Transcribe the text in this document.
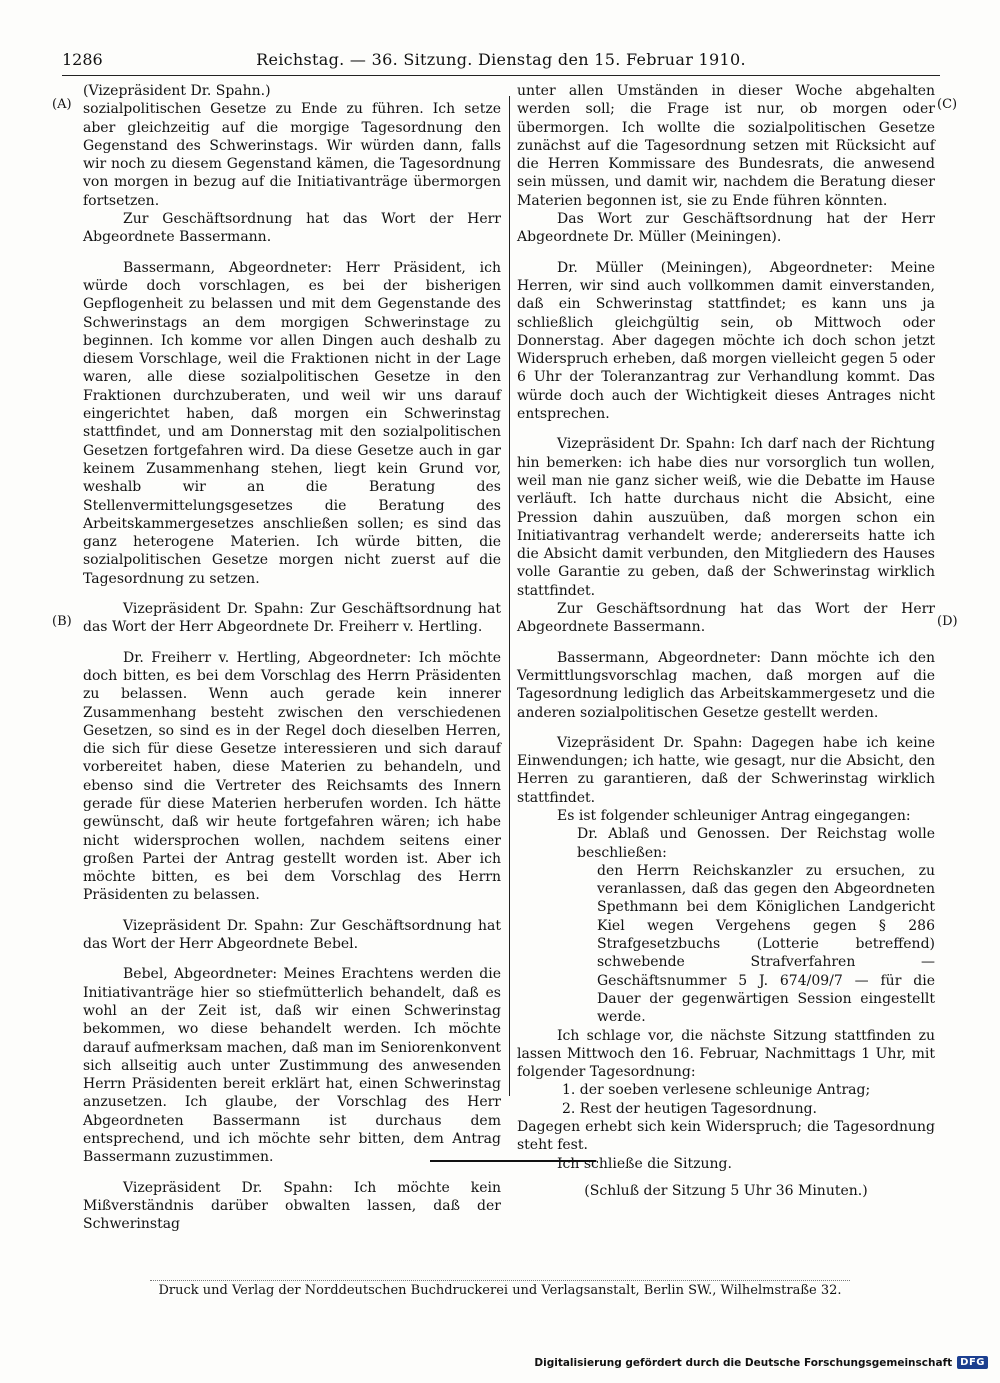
1286	Reichstag. — 36. Sitzung. Dienstag den 15. Februar 1910.
(A)
(B)
(C)
(D)

(Vizepräsident Dr. Spahn.)

sozialpolitischen Gesetze zu Ende zu führen. Ich setze aber gleichzeitig auf die morgige Tagesordnung den Gegenstand des Schwerinstags. Wir würden dann, falls wir noch zu diesem Gegenstand kämen, die Tagesordnung von morgen in bezug auf die Initiativanträge übermorgen fortsetzen.

Zur Geschäftsordnung hat das Wort der Herr Abgeordnete Bassermann.

Bassermann, Abgeordneter: Herr Präsident, ich würde doch vorschlagen, es bei der bisherigen Gepflogenheit zu belassen und mit dem Gegenstande des Schwerinstags an dem morgigen Schwerinstage zu beginnen. Ich komme vor allen Dingen auch deshalb zu diesem Vorschlage, weil die Fraktionen nicht in der Lage waren, alle diese sozialpolitischen Gesetze in den Fraktionen durchzuberaten, und weil wir uns darauf eingerichtet haben, daß morgen ein Schwerinstag stattfindet, und am Donnerstag mit den sozialpolitischen Gesetzen fortgefahren wird. Da diese Gesetze auch in gar keinem Zusammenhang stehen, liegt kein Grund vor, weshalb wir an die Beratung des Stellenvermittelungsgesetzes die Beratung des Arbeitskammergesetzes anschließen sollen; es sind das ganz heterogene Materien. Ich würde bitten, die sozialpolitischen Gesetze morgen nicht zuerst auf die Tagesordnung zu setzen.

Vizepräsident Dr. Spahn: Zur Geschäftsordnung hat das Wort der Herr Abgeordnete Dr. Freiherr v. Hertling.

Dr. Freiherr v. Hertling, Abgeordneter: Ich möchte doch bitten, es bei dem Vorschlag des Herrn Präsidenten zu belassen. Wenn auch gerade kein innerer Zusammenhang besteht zwischen den verschiedenen Gesetzen, so sind es in der Regel doch dieselben Herren, die sich für diese Gesetze interessieren und sich darauf vorbereitet haben, diese Materien zu behandeln, und ebenso sind die Vertreter des Reichsamts des Innern gerade für diese Materien herberufen worden. Ich hätte gewünscht, daß wir heute fortgefahren wären; ich habe nicht widersprochen wollen, nachdem seitens einer großen Partei der Antrag gestellt worden ist. Aber ich möchte bitten, es bei dem Vorschlag des Herrn Präsidenten zu belassen.

Vizepräsident Dr. Spahn: Zur Geschäftsordnung hat das Wort der Herr Abgeordnete Bebel.

Bebel, Abgeordneter: Meines Erachtens werden die Initiativanträge hier so stiefmütterlich behandelt, daß es wohl an der Zeit ist, daß wir einen Schwerinstag bekommen, wo diese behandelt werden. Ich möchte darauf aufmerksam machen, daß man im Seniorenkonvent sich allseitig auch unter Zustimmung des anwesenden Herrn Präsidenten bereit erklärt hat, einen Schwerinstag anzusetzen. Ich glaube, der Vorschlag des Herr Abgeordneten Bassermann ist durchaus dem entsprechend, und ich möchte sehr bitten, dem Antrag Bassermann zuzustimmen.

Vizepräsident Dr. Spahn: Ich möchte kein Mißverständnis darüber obwalten lassen, daß der Schwerinstag

unter allen Umständen in dieser Woche abgehalten werden soll; die Frage ist nur, ob morgen oder übermorgen. Ich wollte die sozialpolitischen Gesetze zunächst auf die Tagesordnung setzen mit Rücksicht auf die Herren Kommissare des Bundesrats, die anwesend sein müssen, und damit wir, nachdem die Beratung dieser Materien begonnen ist, sie zu Ende führen könnten.

Das Wort zur Geschäftsordnung hat der Herr Abgeordnete Dr. Müller (Meiningen).

Dr. Müller (Meiningen), Abgeordneter: Meine Herren, wir sind auch vollkommen damit einverstanden, daß ein Schwerinstag stattfindet; es kann uns ja schließlich gleichgültig sein, ob Mittwoch oder Donnerstag. Aber dagegen möchte ich doch schon jetzt Widerspruch erheben, daß morgen vielleicht gegen 5 oder 6 Uhr der Toleranzantrag zur Verhandlung kommt. Das würde doch auch der Wichtigkeit dieses Antrages nicht entsprechen.

Vizepräsident Dr. Spahn: Ich darf nach der Richtung hin bemerken: ich habe dies nur vorsorglich tun wollen, weil man nie ganz sicher weiß, wie die Debatte im Hause verläuft. Ich hatte durchaus nicht die Absicht, eine Pression dahin auszuüben, daß morgen schon ein Initiativantrag verhandelt werde; andererseits hatte ich die Absicht damit verbunden, den Mitgliedern des Hauses volle Garantie zu geben, daß der Schwerinstag wirklich stattfindet.

Zur Geschäftsordnung hat das Wort der Herr Abgeordnete Bassermann.

Bassermann, Abgeordneter: Dann möchte ich den Vermittlungsvorschlag machen, daß morgen auf die Tagesordnung lediglich das Arbeitskammergesetz und die anderen sozialpolitischen Gesetze gestellt werden.

Vizepräsident Dr. Spahn: Dagegen habe ich keine Einwendungen; ich hatte, wie gesagt, nur die Absicht, den Herren zu garantieren, daß der Schwerinstag wirklich stattfindet.

Es ist folgender schleuniger Antrag eingegangen:

Dr. Ablaß und Genossen. Der Reichstag wolle beschließen:

den Herrn Reichskanzler zu ersuchen, zu veranlassen, daß das gegen den Abgeordneten Spethmann bei dem Königlichen Landgericht Kiel wegen Vergehens gegen § 286 Strafgesetzbuchs (Lotterie betreffend) schwebende Strafverfahren — Geschäftsnummer 5 J. 674/09/7 — für die Dauer der gegenwärtigen Session eingestellt werde.

Ich schlage vor, die nächste Sitzung stattfinden zu lassen Mittwoch den 16. Februar, Nachmittags 1 Uhr, mit folgender Tagesordnung:

1. der soeben verlesene schleunige Antrag;

2. Rest der heutigen Tagesordnung.

Dagegen erhebt sich kein Widerspruch; die Tagesordnung steht fest.

Ich schließe die Sitzung.

(Schluß der Sitzung 5 Uhr 36 Minuten.)

Druck und Verlag der Norddeutschen Buchdruckerei und Verlagsanstalt, Berlin SW., Wilhelmstraße 32.
Digitalisierung gefördert durch die Deutsche Forschungsgemeinschaft DFG
